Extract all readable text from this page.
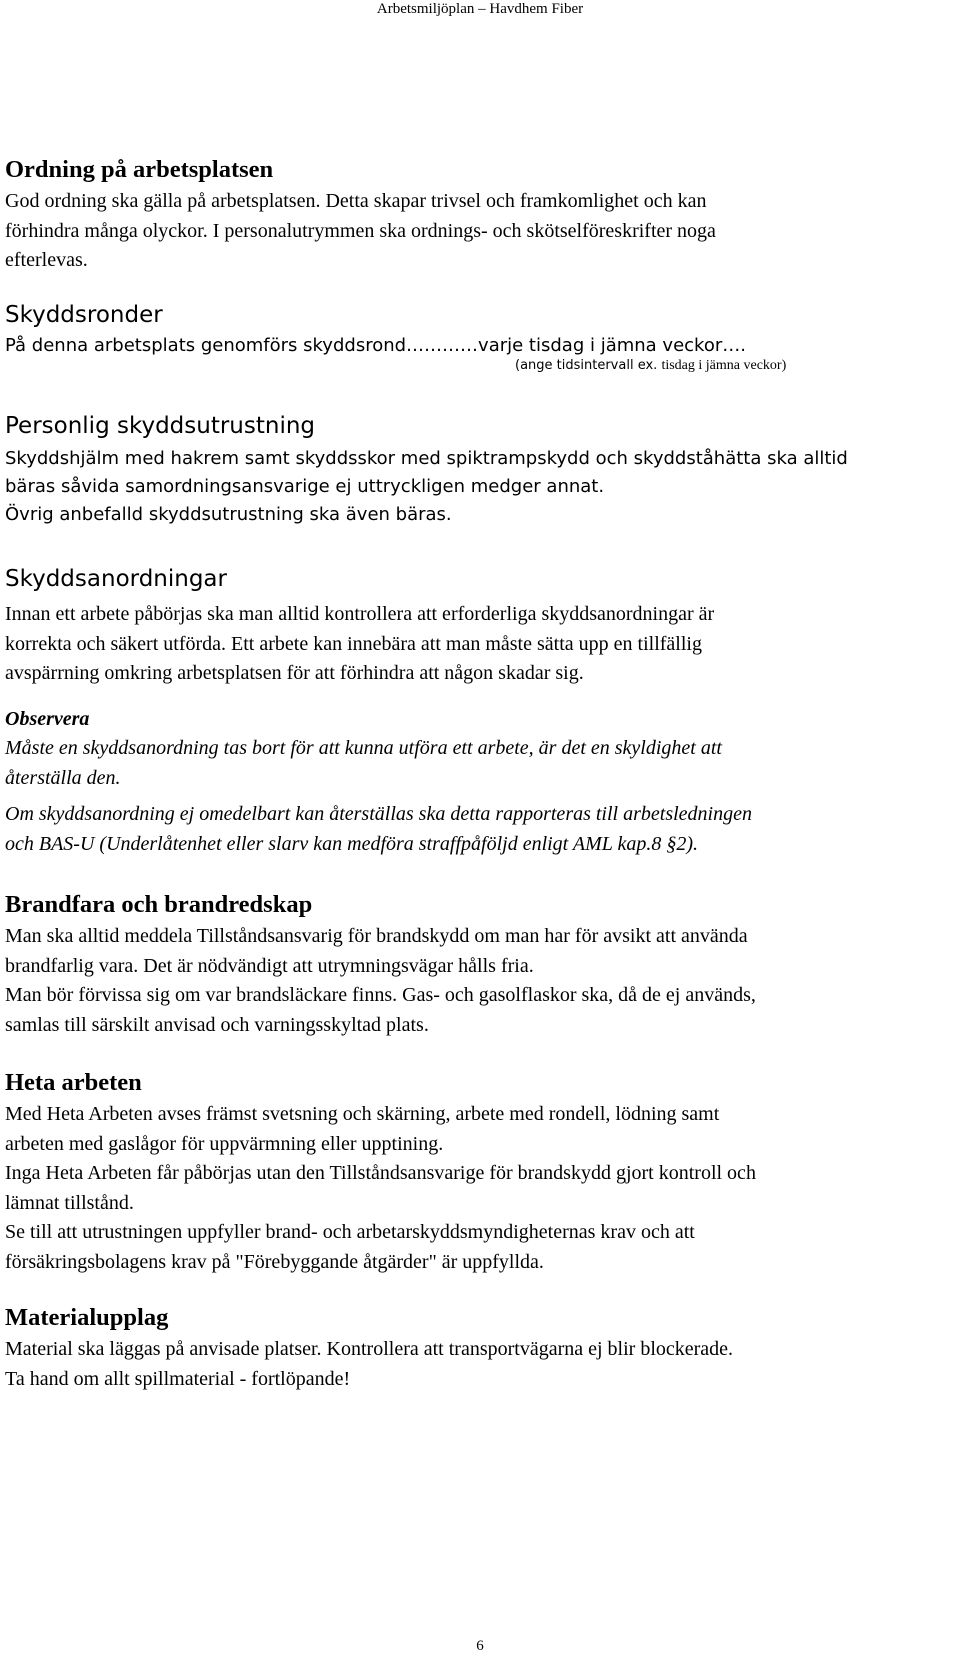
Arbetsmiljöplan – Havdhem Fiber
Ordning på arbetsplatsen

God ordning ska gälla på arbetsplatsen. Detta skapar trivsel och framkomlighet och kan

förhindra många olyckor. I personalutrymmen ska ordnings- och skötselföreskrifter noga

efterlevas.

Skyddsronder

På denna arbetsplats genomförs skyddsrond…………varje tisdag i jämna veckor….

(ange tidsintervall ex. tisdag i jämna veckor)

Personlig skyddsutrustning

Skyddshjälm med hakrem samt skyddsskor med spiktrampskydd och skyddståhätta ska alltid

bäras såvida samordningsansvarige ej uttryckligen medger annat.

Övrig anbefalld skyddsutrustning ska även bäras.

Skyddsanordningar

Innan ett arbete påbörjas ska man alltid kontrollera att erforderliga skyddsanordningar är

korrekta och säkert utförda. Ett arbete kan innebära att man måste sätta upp en tillfällig

avspärrning omkring arbetsplatsen för att förhindra att någon skadar sig.

Observera

Måste en skyddsanordning tas bort för att kunna utföra ett arbete, är det en skyldighet att

återställa den.

Om skyddsanordning ej omedelbart kan återställas ska detta rapporteras till arbetsledningen

och BAS-U (Underlåtenhet eller slarv kan medföra straffpåföljd enligt AML kap.8 §2).

Brandfara och brandredskap

Man ska alltid meddela Tillståndsansvarig för brandskydd om man har för avsikt att använda

brandfarlig vara. Det är nödvändigt att utrymningsvägar hålls fria.

Man bör förvissa sig om var brandsläckare finns. Gas- och gasolflaskor ska, då de ej används,

samlas till särskilt anvisad och varningsskyltad plats.

Heta arbeten

Med Heta Arbeten avses främst svetsning och skärning, arbete med rondell, lödning samt

arbeten med gaslågor för uppvärmning eller upptining.

Inga Heta Arbeten får påbörjas utan den Tillståndsansvarige för brandskydd gjort kontroll och

lämnat tillstånd.

Se till att utrustningen uppfyller brand- och arbetarskyddsmyndigheternas krav och att

försäkringsbolagens krav på "Förebyggande åtgärder" är uppfyllda.

Materialupplag

Material ska läggas på anvisade platser. Kontrollera att transportvägarna ej blir blockerade.

Ta hand om allt spillmaterial - fortlöpande!

6
